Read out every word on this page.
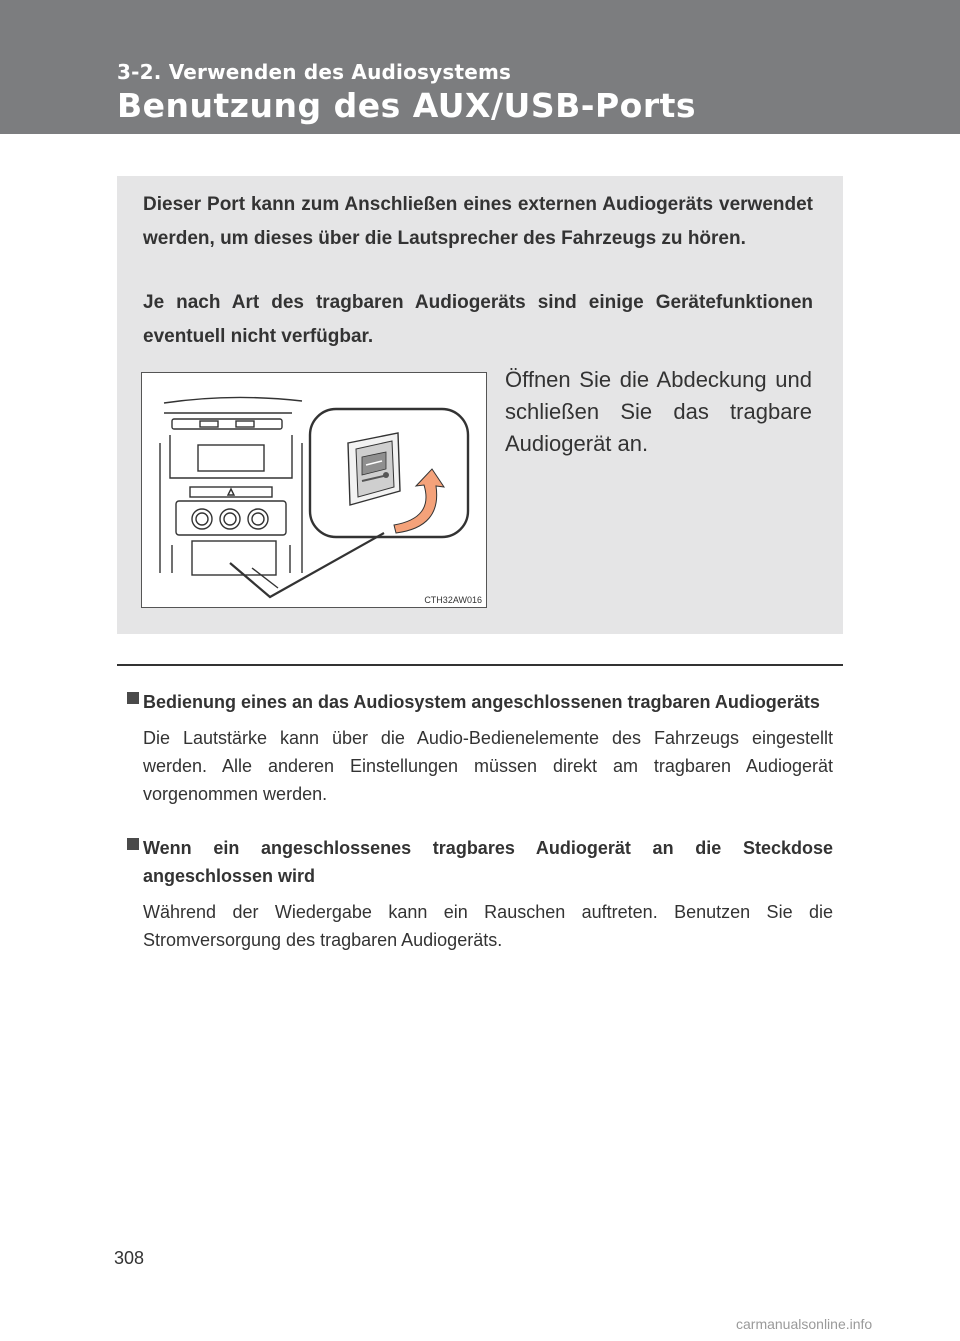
3-2. Verwenden des Audiosystems
Benutzung des AUX/USB-Ports

Dieser Port kann zum Anschließen eines externen Audiogeräts verwendet werden, um dieses über die Lautsprecher des Fahrzeugs zu hören.

Je nach Art des tragbaren Audiogeräts sind einige Gerätefunktionen eventuell nicht verfügbar.

CTH32AW016

Öffnen Sie die Abdeckung und schließen Sie das tragbare Audiogerät an.

Bedienung eines an das Audiosystem angeschlossenen tragbaren Audiogeräts

Die Lautstärke kann über die Audio-Bedienelemente des Fahrzeugs eingestellt werden. Alle anderen Einstellungen müssen direkt am tragbaren Audiogerät vorgenommen werden.

Wenn ein angeschlossenes tragbares Audiogerät an die Steckdose angeschlossen wird

Während der Wiedergabe kann ein Rauschen auftreten. Benutzen Sie die Stromversorgung des tragbaren Audiogeräts.

308
carmanualsonline.info
